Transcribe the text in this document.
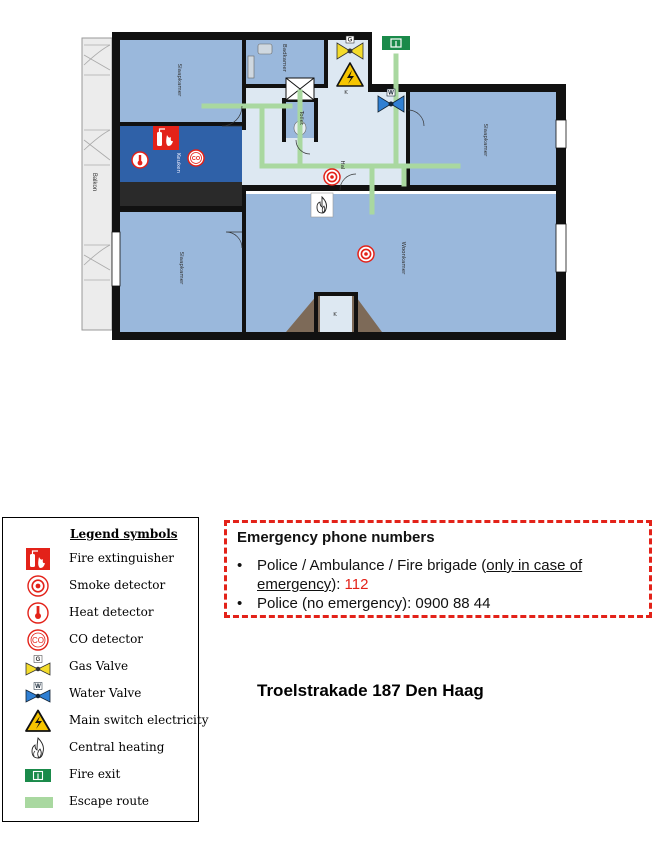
Balkon
Slaapkamer
Badkamer
Toilet
Keuken	Hal
Slaapkamer
Slaapkamer	Woonkamer
K
K
G
W
CO
Legend symbols
Fire extinguisher
Smoke detector
Heat detector
CO CO detector
G Gas Valve
W Water Valve
Main switch electricity
Central heating
Fire exit
Escape route
Emergency phone numbers
• Police / Ambulance / Fire brigade (only in case of emergency): 112
• Police (no emergency): 0900 88 44
Troelstrakade 187 Den Haag
